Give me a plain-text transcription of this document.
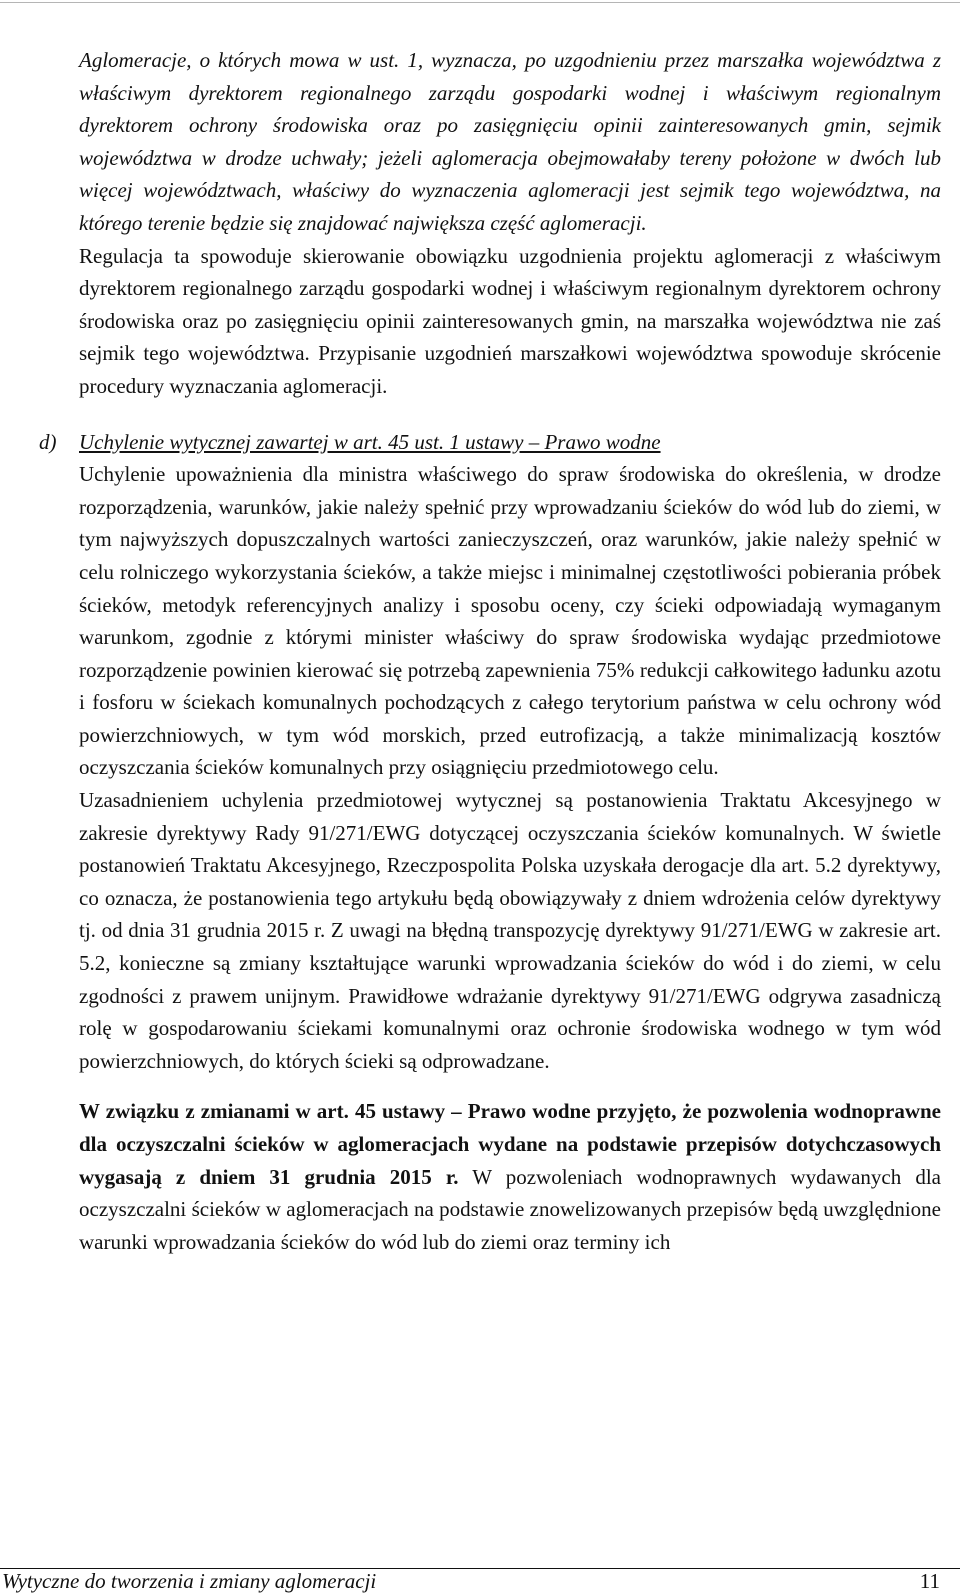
Aglomeracje, o których mowa w ust. 1, wyznacza, po uzgodnieniu przez marszałka województwa z właściwym dyrektorem regionalnego zarządu gospodarki wodnej i właściwym regionalnym dyrektorem ochrony środowiska oraz po zasięgnięciu opinii zainteresowanych gmin, sejmik województwa w drodze uchwały; jeżeli aglomeracja obejmowałaby tereny położone w dwóch lub więcej województwach, właściwy do wyznaczenia aglomeracji jest sejmik tego województwa, na którego terenie będzie się znajdować największa część aglomeracji.

Regulacja ta spowoduje skierowanie obowiązku uzgodnienia projektu aglomeracji z właściwym dyrektorem regionalnego zarządu gospodarki wodnej i właściwym regionalnym dyrektorem ochrony środowiska oraz po zasięgnięciu opinii zainteresowanych gmin, na marszałka województwa nie zaś sejmik tego województwa. Przypisanie uzgodnień marszałkowi województwa spowoduje skrócenie procedury wyznaczania aglomeracji.

d) Uchylenie wytycznej zawartej w art. 45 ust. 1 ustawy – Prawo wodne

Uchylenie upoważnienia dla ministra właściwego do spraw środowiska do określenia, w drodze rozporządzenia, warunków, jakie należy spełnić przy wprowadzaniu ścieków do wód lub do ziemi, w tym najwyższych dopuszczalnych wartości zanieczyszczeń, oraz warunków, jakie należy spełnić w celu rolniczego wykorzystania ścieków, a także miejsc i minimalnej częstotliwości pobierania próbek ścieków, metodyk referencyjnych analizy i sposobu oceny, czy ścieki odpowiadają wymaganym warunkom, zgodnie z którymi minister właściwy do spraw środowiska wydając przedmiotowe rozporządzenie powinien kierować się potrzebą zapewnienia 75% redukcji całkowitego ładunku azotu i fosforu w ściekach komunalnych pochodzących z całego terytorium państwa w celu ochrony wód powierzchniowych, w tym wód morskich, przed eutrofizacją, a także minimalizacją kosztów oczyszczania ścieków komunalnych przy osiągnięciu przedmiotowego celu.

Uzasadnieniem uchylenia przedmiotowej wytycznej są postanowienia Traktatu Akcesyjnego w zakresie dyrektywy Rady 91/271/EWG dotyczącej oczyszczania ścieków komunalnych. W świetle postanowień Traktatu Akcesyjnego, Rzeczpospolita Polska uzyskała derogacje dla art. 5.2 dyrektywy, co oznacza, że postanowienia tego artykułu będą obowiązywały z dniem wdrożenia celów dyrektywy tj. od dnia 31 grudnia 2015 r. Z uwagi na błędną transpozycję dyrektywy 91/271/EWG w zakresie art. 5.2, konieczne są zmiany kształtujące warunki wprowadzania ścieków do wód i do ziemi, w celu zgodności z prawem unijnym. Prawidłowe wdrażanie dyrektywy 91/271/EWG odgrywa zasadniczą rolę w gospodarowaniu ściekami komunalnymi oraz ochronie środowiska wodnego w tym wód powierzchniowych, do których ścieki są odprowadzane.

W związku z zmianami w art. 45 ustawy – Prawo wodne przyjęto, że pozwolenia wodnoprawne dla oczyszczalni ścieków w aglomeracjach wydane na podstawie przepisów dotychczasowych wygasają z dniem 31 grudnia 2015 r. W pozwoleniach wodnoprawnych wydawanych dla oczyszczalni ścieków w aglomeracjach na podstawie znowelizowanych przepisów będą uwzględnione warunki wprowadzania ścieków do wód lub do ziemi oraz terminy ich

Wytyczne do tworzenia i zmiany aglomeracji	11
